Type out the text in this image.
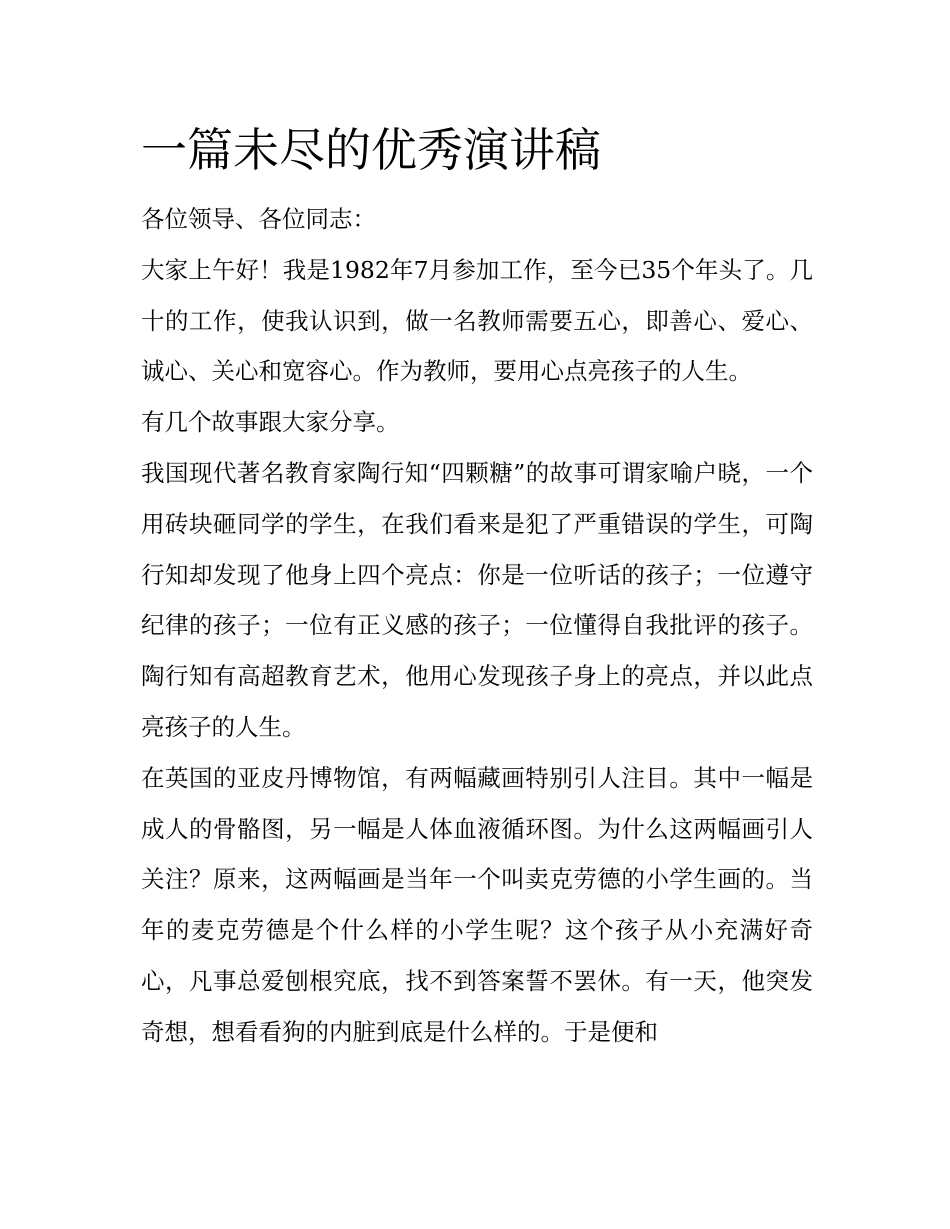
一篇未尽的优秀演讲稿

各位领导、各位同志：

大家上午好！我是1982年7月参加工作，至今已35个年头了。几十的工作，使我认识到，做一名教师需要五心，即善心、爱心、诚心、关心和宽容心。作为教师，要用心点亮孩子的人生。

有几个故事跟大家分享。

我国现代著名教育家陶行知“四颗糖”的故事可谓家喻户晓，一个用砖块砸同学的学生，在我们看来是犯了严重错误的学生，可陶行知却发现了他身上四个亮点：你是一位听话的孩子；一位遵守纪律的孩子；一位有正义感的孩子；一位懂得自我批评的孩子。陶行知有高超教育艺术，他用心发现孩子身上的亮点，并以此点亮孩子的人生。

在英国的亚皮丹博物馆，有两幅藏画特别引人注目。其中一幅是成人的骨骼图，另一幅是人体血液循环图。为什么这两幅画引人关注？原来，这两幅画是当年一个叫卖克劳德的小学生画的。当年的麦克劳德是个什么样的小学生呢？这个孩子从小充满好奇心，凡事总爱刨根究底，找不到答案誓不罢休。有一天，他突发奇想，想看看狗的内脏到底是什么样的。于是便和
